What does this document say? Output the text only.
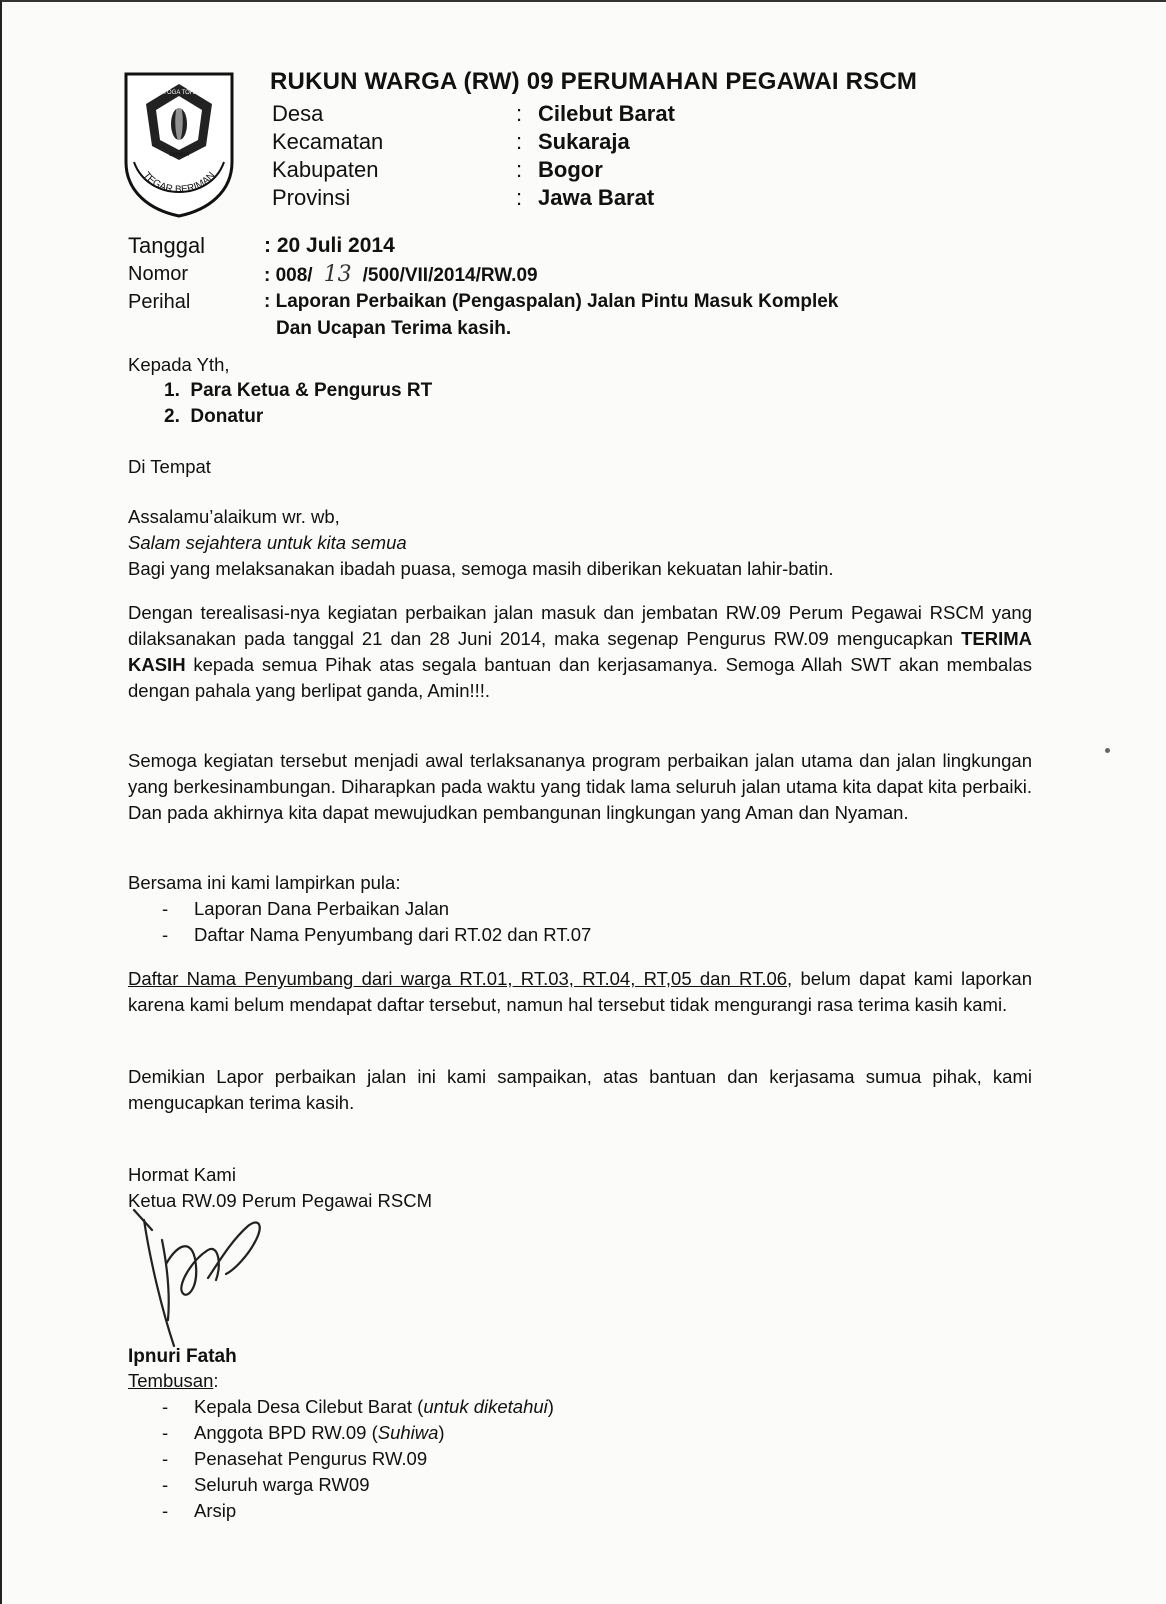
PRAYOGA TOHAGA
SAYAGA
TEGAR BERIMAN
RUKUN WARGA (RW) 09 PERUMAHAN PEGAWAI RSCM
Desa	: Cilebut Barat
Kecamatan	: Sukaraja
Kabupaten	: Bogor
Provinsi	: Jawa Barat
Tanggal	: 20 Juli 2014
Nomor	: 008/ 13 /500/VII/2014/RW.09
Perihal	: Laporan Perbaikan (Pengaspalan) Jalan Pintu Masuk Komplek
Dan Ucapan Terima kasih.

Kepada Yth,

1.  Para Ketua & Pengurus RT
2.  Donatur

Di Tempat

Assalamu’alaikum wr. wb,

Salam sejahtera untuk kita semua

Bagi yang melaksanakan ibadah puasa, semoga masih diberikan kekuatan lahir-batin.

Dengan terealisasi-nya kegiatan perbaikan jalan masuk dan jembatan RW.09 Perum Pegawai RSCM yang dilaksanakan pada tanggal 21 dan 28 Juni 2014, maka segenap Pengurus RW.09 mengucapkan TERIMA KASIH kepada semua Pihak atas segala bantuan dan kerjasamanya. Semoga Allah SWT akan membalas dengan pahala yang berlipat ganda, Amin!!!.
Semoga kegiatan tersebut menjadi awal terlaksananya program perbaikan jalan utama dan jalan lingkungan yang berkesinambungan. Diharapkan pada waktu yang tidak lama seluruh jalan utama kita dapat kita perbaiki. Dan pada akhirnya kita dapat mewujudkan pembangunan lingkungan yang Aman dan Nyaman.

Bersama ini kami lampirkan pula:

-	Laporan Dana Perbaikan Jalan
-	Daftar Nama Penyumbang dari RT.02 dan RT.07
Daftar Nama Penyumbang dari warga RT.01, RT.03, RT.04, RT,05 dan RT.06, belum dapat kami laporkan karena kami belum mendapat daftar tersebut, namun hal tersebut tidak mengurangi rasa terima kasih kami.
Demikian Lapor perbaikan jalan ini kami sampaikan, atas bantuan dan kerjasama sumua pihak, kami mengucapkan terima kasih.

Hormat Kami

Ketua RW.09 Perum Pegawai RSCM

Ipnuri Fatah

Tembusan:

-	Kepala Desa Cilebut Barat (untuk diketahui)
-	Anggota BPD RW.09 (Suhiwa)
-	Penasehat Pengurus RW.09
-	Seluruh warga RW09
-	Arsip
